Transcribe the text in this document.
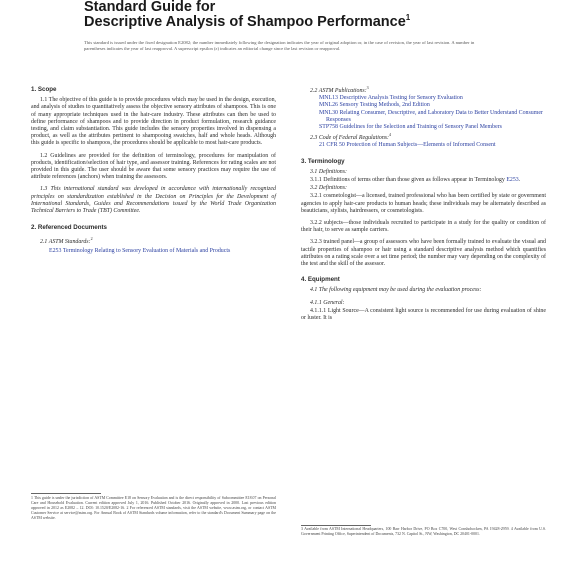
Standard Guide for
Descriptive Analysis of Shampoo Performance$^1$
This standard is issued under the fixed designation E2082; the number immediately following the designation indicates the year of original adoption or, in the case of revision, the year of last revision. A number in parentheses indicates the year of last reapproval. A superscript epsilon (ε) indicates an editorial change since the last revision or reapproval.
1. Scope

1.1 The objective of this guide is to provide procedures which may be used in the design, execution, and analysis of studies to quantitatively assess the objective sensory attributes of shampoos. This is one of many appropriate techniques used in the hair-care industry. These attributes can then be used to define performance of shampoos and to provide direction in product formulation, research guidance testing, and claim substantiation. This guide includes the sensory properties involved in dispensing a product, as well as the attributes pertinent to shampooing swatches, half and whole heads. Although this guide is specific to shampoos, the procedures should be applicable to most hair-care products.

1.2 Guidelines are provided for the definition of terminology, procedures for manipulation of products, identification/selection of hair type, and assessor training. References for rating scales are not provided in this guide. The user should be aware that some sensory practices may require the use of attribute references (anchors) when training the assessors.

1.3 This international standard was developed in accordance with internationally recognized principles on standardization established in the Decision on Principles for the Development of International Standards, Guides and Recommendations issued by the World Trade Organization Technical Barriers to Trade (TBT) Committee.

2. Referenced Documents

2.1 ASTM Standards:$^2$

E253 Terminology Relating to Sensory Evaluation of Materials and Products

2.2 ASTM Publications:$^3$

MNL13 Descriptive Analysis Testing for Sensory Evaluation
MNL26 Sensory Testing Methods, 2nd Edition
MNL30 Relating Consumer, Descriptive, and Laboratory Data to Better Understand Consumer Responses
STP758 Guidelines for the Selection and Training of Sensory Panel Members

2.3 Code of Federal Regulations:$^4$

21 CFR 50 Protection of Human Subjects—Elements of Informed Consent
3. Terminology

3.1 Definitions:

3.1.1 Definitions of terms other than those given as follows appear in Terminology E253.

3.2 Definitions:

3.2.1 cosmetologist—a licensed, trained professional who has been certified by state or government agencies to apply hair-care products to human heads; these individuals may be alternately described as beauticians, stylists, hairdressers, or cosmetologists.

3.2.2 subjects—those individuals recruited to participate in a study for the quality or condition of their hair, to serve as sample carriers.

3.2.3 trained panel—a group of assessors who have been formally trained to evaluate the visual and tactile properties of shampoo or hair using a standard descriptive analysis method which quantifies attributes on a rating scale over a set time period; the number may vary depending on the complexity of the test and the skill of the assessor.

4. Equipment

4.1 The following equipment may be used during the evaluation process:

4.1.1 General:

4.1.1.1 Light Source—A consistent light source is recommended for use during evaluation of shine or luster. It is

1 This guide is under the jurisdiction of ASTM Committee E18 on Sensory Evaluation and is the direct responsibility of Subcommittee E18.07 on Personal Care and Household Evaluation. Current edition approved July 1, 2016. Published October 2016. Originally approved in 2000. Last previous edition approved in 2012 as E2082 – 12. DOI: 10.1520/E2082-16. 2 For referenced ASTM standards, visit the ASTM website, www.astm.org, or contact ASTM Customer Service at service@astm.org. For Annual Book of ASTM Standards volume information, refer to the standard's Document Summary page on the ASTM website.
3 Available from ASTM International Headquarters, 100 Barr Harbor Drive, PO Box C700, West Conshohocken, PA 19428-2959. 4 Available from U.S. Government Printing Office, Superintendent of Documents, 732 N. Capitol St., NW, Washington, DC 20401-0001.
